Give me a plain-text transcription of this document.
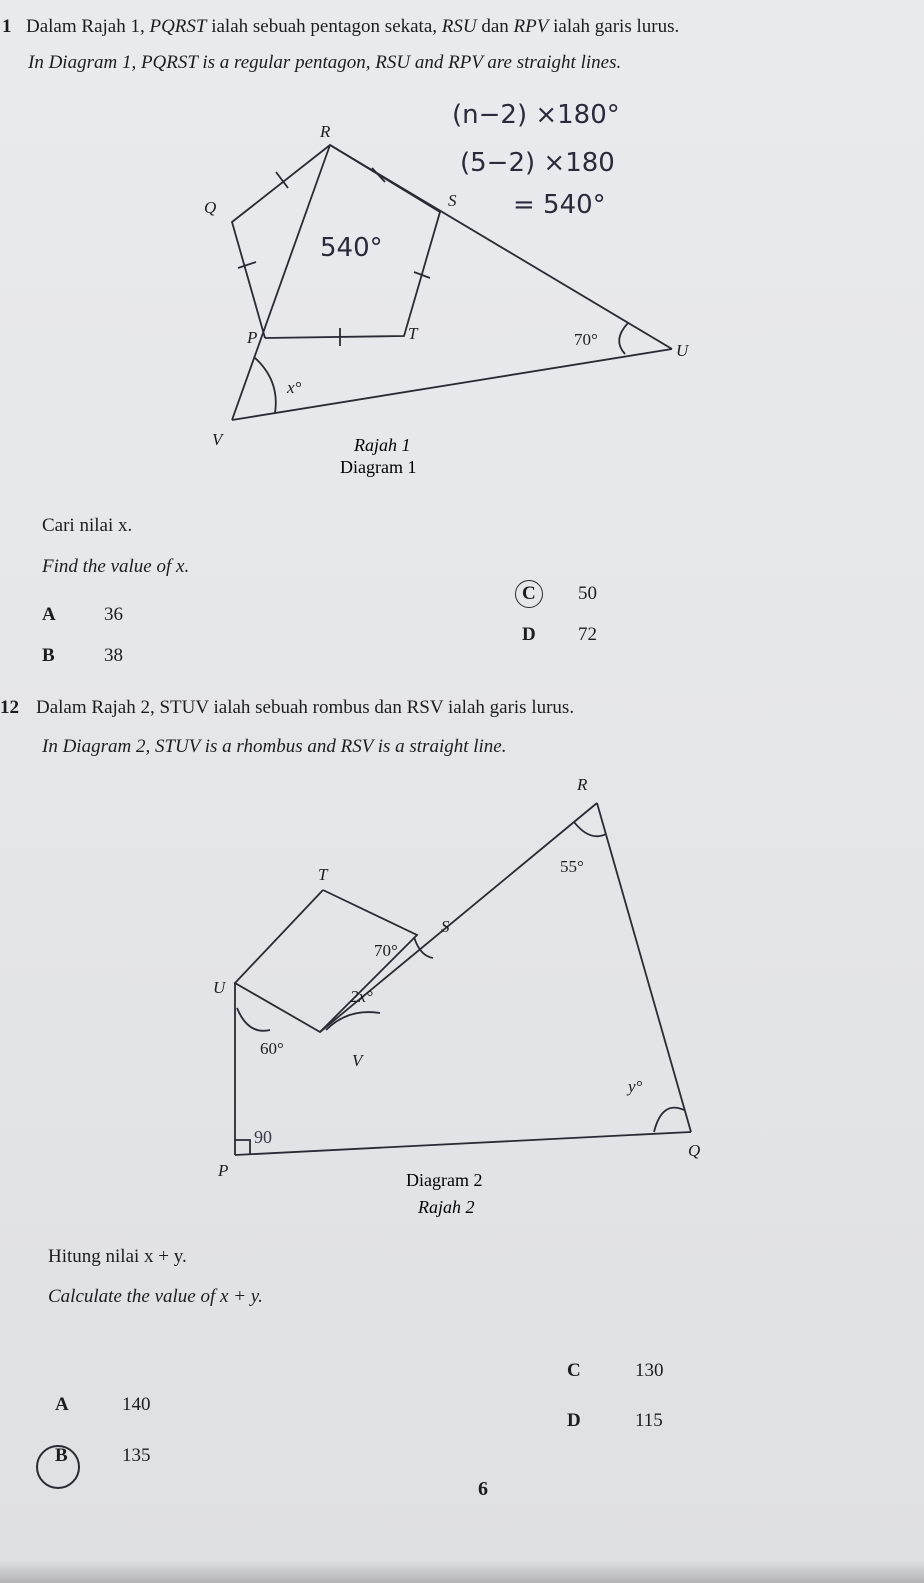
1 Dalam Rajah 1, PQRST ialah sebuah pentagon sekata, RSU dan RPV ialah garis lurus.
In Diagram 1, PQRST is a regular pentagon, RSU and RPV are straight lines.
(n−2) ×180°
(5−2) ×180
= 540°
540°
R
Q	S
P	T
U
V
70°
x°
Rajah 1
Diagram 1
Cari nilai x.
Find the value of x.
A	36
B	38
C 50
D 72
12 Dalam Rajah 2, STUV ialah sebuah rombus dan RSV ialah garis lurus.
In Diagram 2, STUV is a rhombus and RSV is a straight line.
R
T
S
U
V
P
Q
55°
70°
2x°
60°
y°
90
Diagram 2
Rajah 2
Hitung nilai x + y.
Calculate the value of x + y.
A	140
B	135
C	130
D	115
6
